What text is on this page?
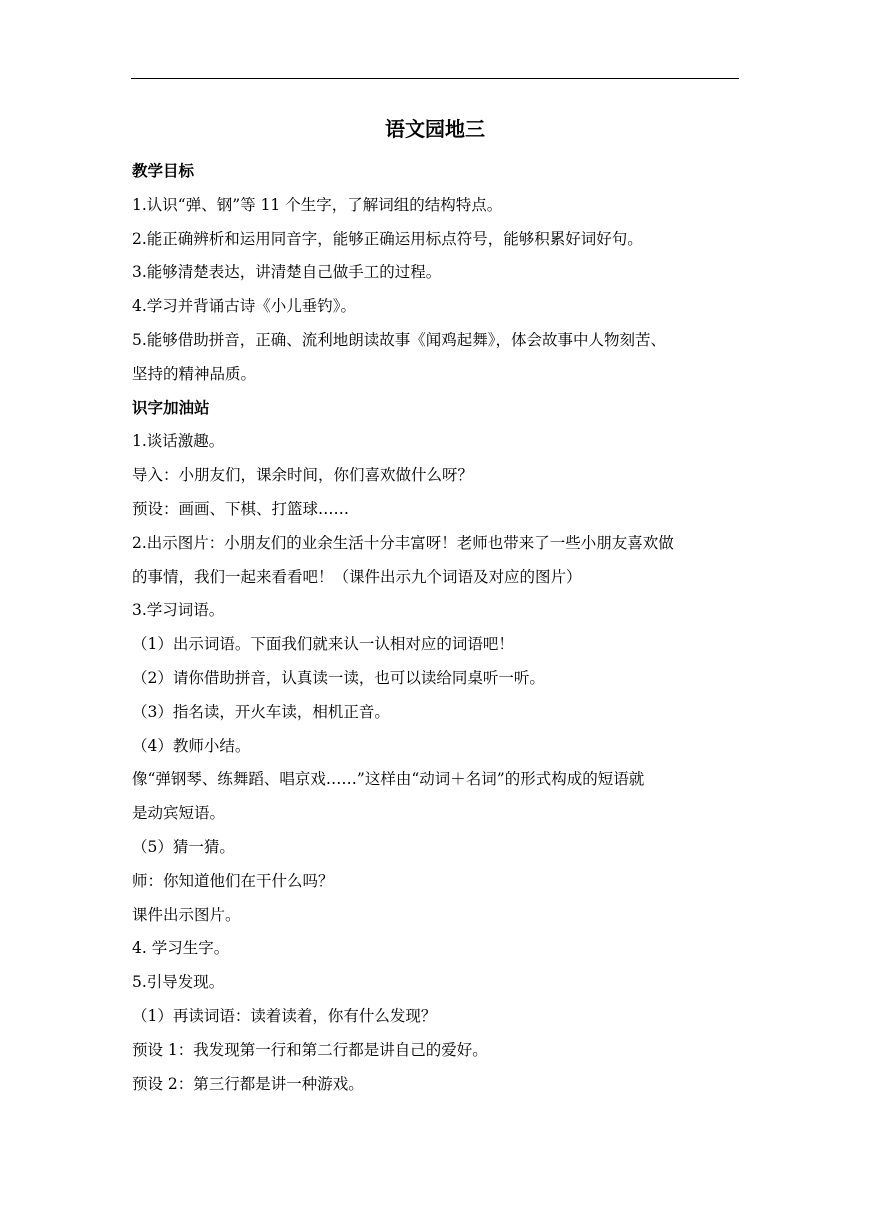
语文园地三
教学目标
1.认识“弹、钢”等 11 个生字，了解词组的结构特点。
2.能正确辨析和运用同音字，能够正确运用标点符号，能够积累好词好句。
3.能够清楚表达，讲清楚自己做手工的过程。
4.学习并背诵古诗《小儿垂钓》。
5.能够借助拼音，正确、流利地朗读故事《闻鸡起舞》，体会故事中人物刻苦、
坚持的精神品质。
识字加油站
1.谈话激趣。
导入：小朋友们，课余时间，你们喜欢做什么呀？
预设：画画、下棋、打篮球……
2.出示图片：小朋友们的业余生活十分丰富呀！老师也带来了一些小朋友喜欢做
的事情，我们一起来看看吧！（课件出示九个词语及对应的图片）
3.学习词语。
（1）出示词语。下面我们就来认一认相对应的词语吧！
（2）请你借助拼音，认真读一读，也可以读给同桌听一听。
（3）指名读，开火车读，相机正音。
（4）教师小结。
像“弹钢琴、练舞蹈、唱京戏……”这样由“动词＋名词”的形式构成的短语就
是动宾短语。
（5）猜一猜。
师：你知道他们在干什么吗？
课件出示图片。
4. 学习生字。
5.引导发现。
（1）再读词语：读着读着，你有什么发现？
预设 1：我发现第一行和第二行都是讲自己的爱好。
预设 2：第三行都是讲一种游戏。
